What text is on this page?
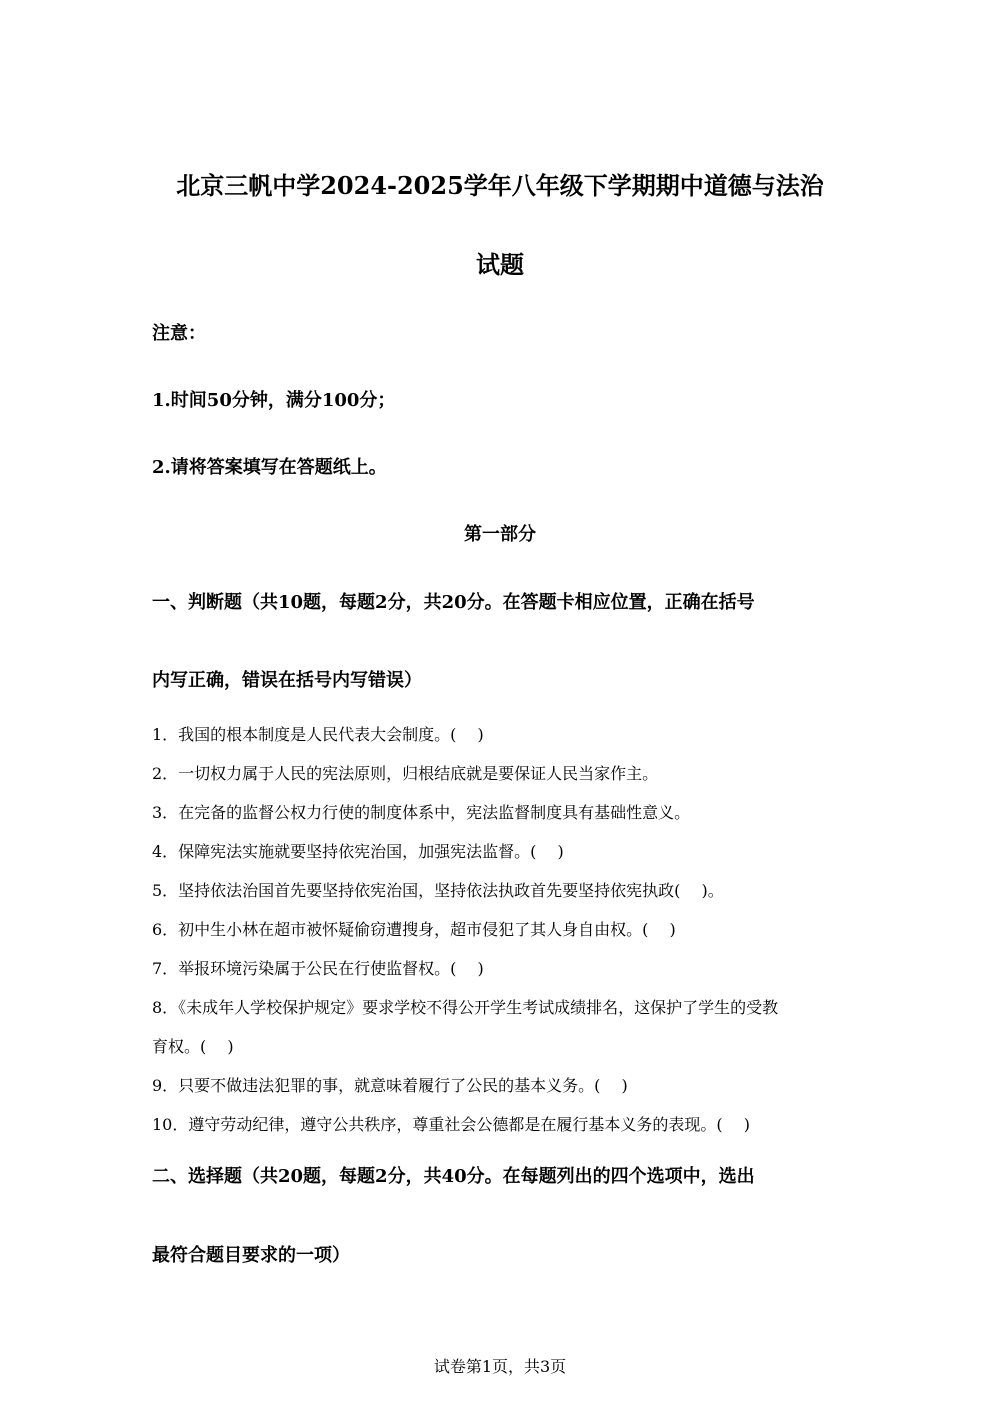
北京三帆中学2024-2025学年八年级下学期期中道德与法治
试题
注意：
1.时间50分钟，满分100分；
2.请将答案填写在答题纸上。
第一部分
一、判断题（共10题，每题2分，共20分。在答题卡相应位置，正确在括号
内写正确，错误在括号内写错误）
1．我国的根本制度是人民代表大会制度。(　 )
2．一切权力属于人民的宪法原则，归根结底就是要保证人民当家作主。
3．在完备的监督公权力行使的制度体系中，宪法监督制度具有基础性意义。
4．保障宪法实施就要坚持依宪治国，加强宪法监督。(　 )
5．坚持依法治国首先要坚持依宪治国，坚持依法执政首先要坚持依宪执政(　 )。
6．初中生小林在超市被怀疑偷窃遭搜身，超市侵犯了其人身自由权。(　 )
7．举报环境污染属于公民在行使监督权。(　 )
8．《未成年人学校保护规定》要求学校不得公开学生考试成绩排名，这保护了学生的受教
育权。(　 )
9．只要不做违法犯罪的事，就意味着履行了公民的基本义务。(　 )
10．遵守劳动纪律，遵守公共秩序，尊重社会公德都是在履行基本义务的表现。(　 )
二、选择题（共20题，每题2分，共40分。在每题列出的四个选项中，选出
最符合题目要求的一项）
试卷第1页，共3页
